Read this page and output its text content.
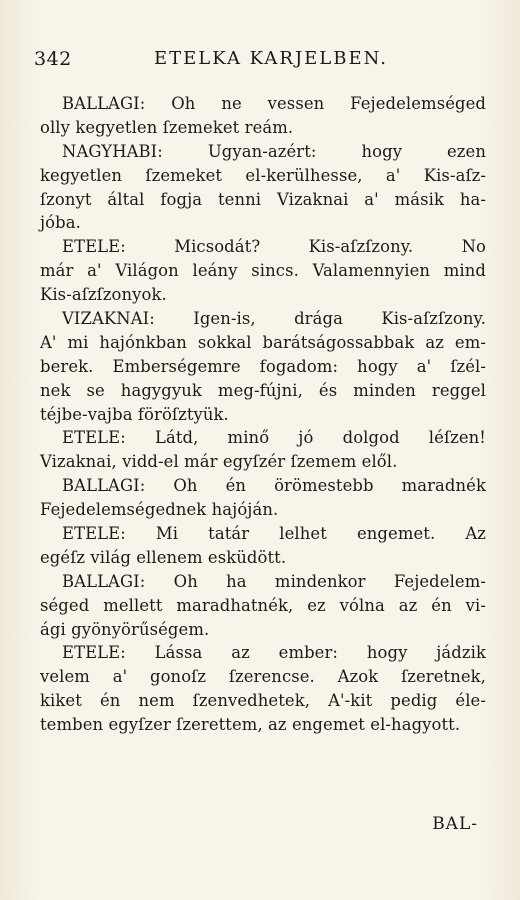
342	ETELKA KARJELBEN.
BALLAGI: Oh ne vessen Fejedelemséged
olly kegyetlen ſzemeket reám.
NAGYHABI: Ugyan-azért: hogy ezen
kegyetlen ſzemeket el-kerülhesse, a' Kis-aſz-
ſzonyt által fogja tenni Vizaknai a' másik ha-
jóba.
ETELE: Micsodát? Kis-aſzſzony. No
már a' Világon leány sincs. Valamennyien mind
Kis-aſzſzonyok.
VIZAKNAI: Igen-is, drága Kis-aſzſzony.
A' mi hajónkban sokkal barátságossabbak az em-
berek. Emberségemre fogadom: hogy a' ſzél-
nek se hagygyuk meg-fújni, és minden reggel
téjbe-vajba föröſztyük.
ETELE: Látd, minő jó dolgod léſzen!
Vizaknai, vidd-el már egyſzér ſzemem elől.
BALLAGI: Oh én örömestebb maradnék
Fejedelemségednek hajóján.
ETELE: Mi tatár lelhet engemet. Az
egéſz világ ellenem esküdött.
BALLAGI: Oh ha mindenkor Fejedelem-
séged mellett maradhatnék, ez vólna az én vi-
ági gyönyörűségem.
ETELE: Lássa az ember: hogy jádzik
velem a' gonoſz ſzerencse. Azok ſzeretnek,
kiket én nem ſzenvedhetek, A'-kit pedig éle-
temben egyſzer ſzerettem, az engemet el-hagyott.
BAL-
